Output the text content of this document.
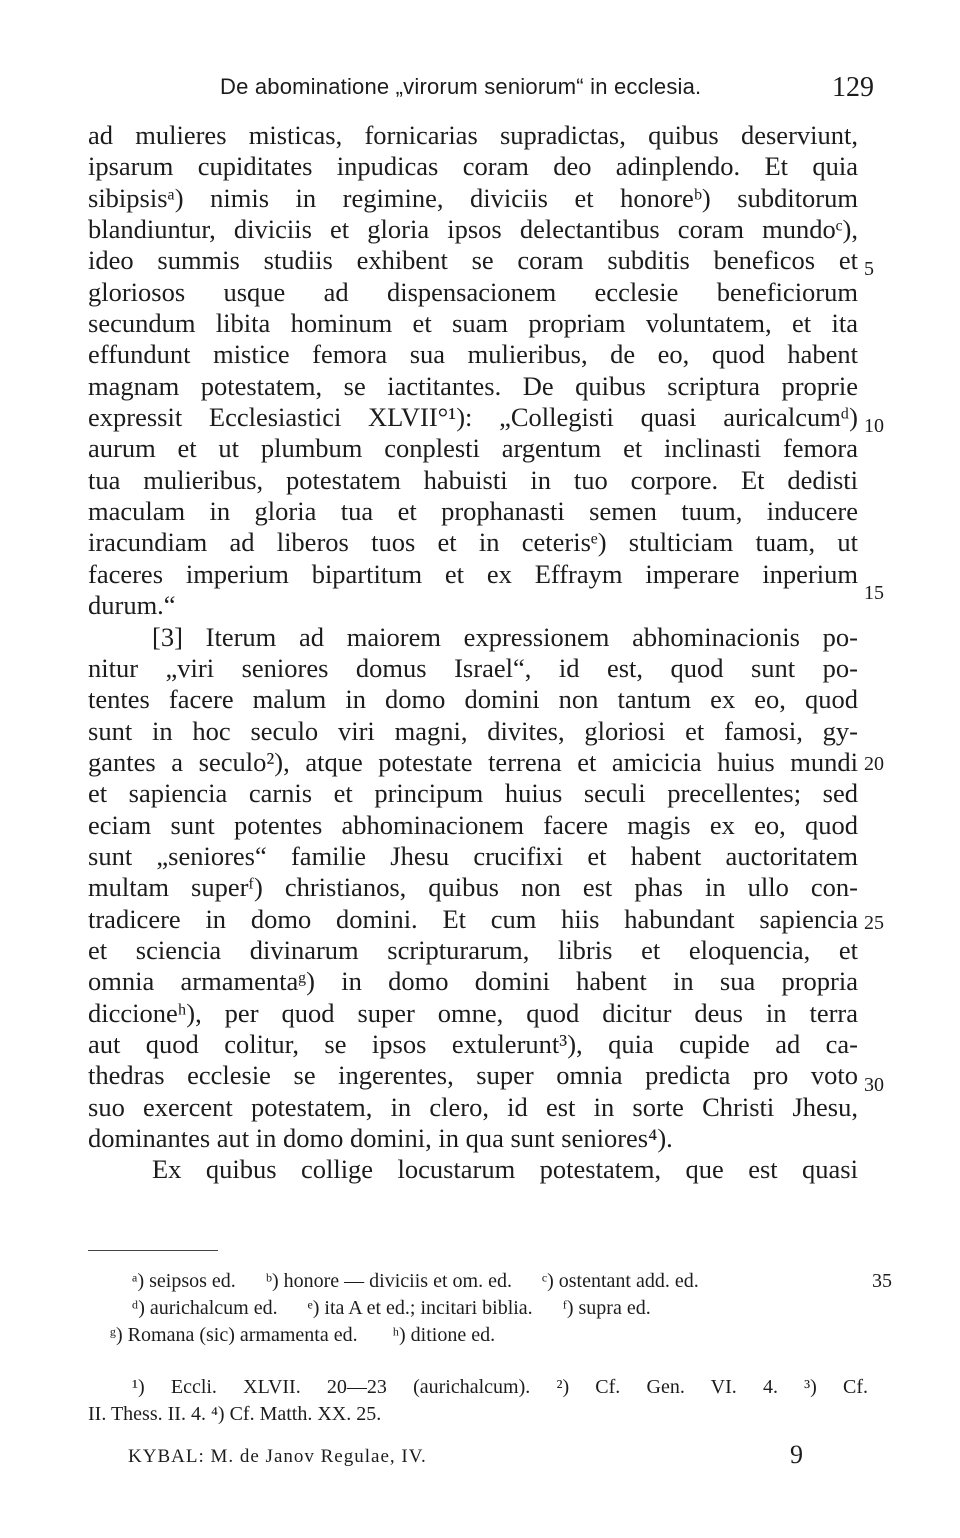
De abominatione „virorum seniorum“ in ecclesia.	129
ad mulieres misticas, fornicarias supradictas, quibus deserviunt,
ipsarum cupiditates inpudicas coram deo adinplendo. Et quia
sibipsisᵃ) nimis in regimine, diviciis et honoreᵇ) subditorum
blandiuntur, diviciis et gloria ipsos delectantibus coram mundoᶜ),
ideo summis studiis exhibent se coram subditis beneficos et
gloriosos usque ad dispensacionem ecclesie beneficiorum
secundum libita hominum et suam propriam voluntatem, et ita
effundunt mistice femora sua mulieribus, de eo, quod habent
magnam potestatem, se iactitantes. De quibus scriptura proprie
expressit Ecclesiastici XLVII°¹): „Collegisti quasi auricalcumᵈ)
aurum et ut plumbum conplesti argentum et inclinasti femora
tua mulieribus, potestatem habuisti in tuo corpore. Et dedisti
maculam in gloria tua et prophanasti semen tuum, inducere
iracundiam ad liberos tuos et in ceterisᵉ) stulticiam tuam, ut
faceres imperium bipartitum et ex Effraym imperare inperium
durum.“
[3] Iterum ad maiorem expressionem abhominacionis po-
nitur „viri seniores domus Israel“, id est, quod sunt po-
tentes facere malum in domo domini non tantum ex eo, quod
sunt in hoc seculo viri magni, divites, gloriosi et famosi, gy-
gantes a seculo²), atque potestate terrena et amicicia huius mundi
et sapiencia carnis et principum huius seculi precellentes; sed
eciam sunt potentes abhominacionem facere magis ex eo, quod
sunt „seniores“ familie Jhesu crucifixi et habent auctoritatem
multam superᶠ) christianos, quibus non est phas in ullo con-
tradicere in domo domini. Et cum hiis habundant sapiencia
et sciencia divinarum scripturarum, libris et eloquencia, et
omnia armamentaᵍ) in domo domini habent in sua propria
diccioneʰ), per quod super omne, quod dicitur deus in terra
aut quod colitur, se ipsos extulerunt³), quia cupide ad ca-
thedras ecclesie se ingerentes, super omnia predicta pro voto
suo exercent potestatem, in clero, id est in sorte Christi Jhesu,
dominantes aut in domo domini, in qua sunt seniores⁴).
Ex quibus collige locustarum potestatem, que est quasi
5
10
15
20
25
30
ᵃ) seipsos ed. ᵇ) honore — diviciis et om. ed. ᶜ) ostentant add. ed.
ᵈ) aurichalcum ed. ᵉ) ita A et ed.; incitari biblia. ᶠ) supra ed.
ᵍ) Romana (sic) armamenta ed. ʰ) ditione ed.
35
¹) Eccli. XLVII. 20—23 (aurichalcum). ²) Cf. Gen. VI. 4. ³) Cf.
II. Thess. II. 4. ⁴) Cf. Matth. XX. 25.
KYBAL: M. de Janov Regulae, IV.	9
